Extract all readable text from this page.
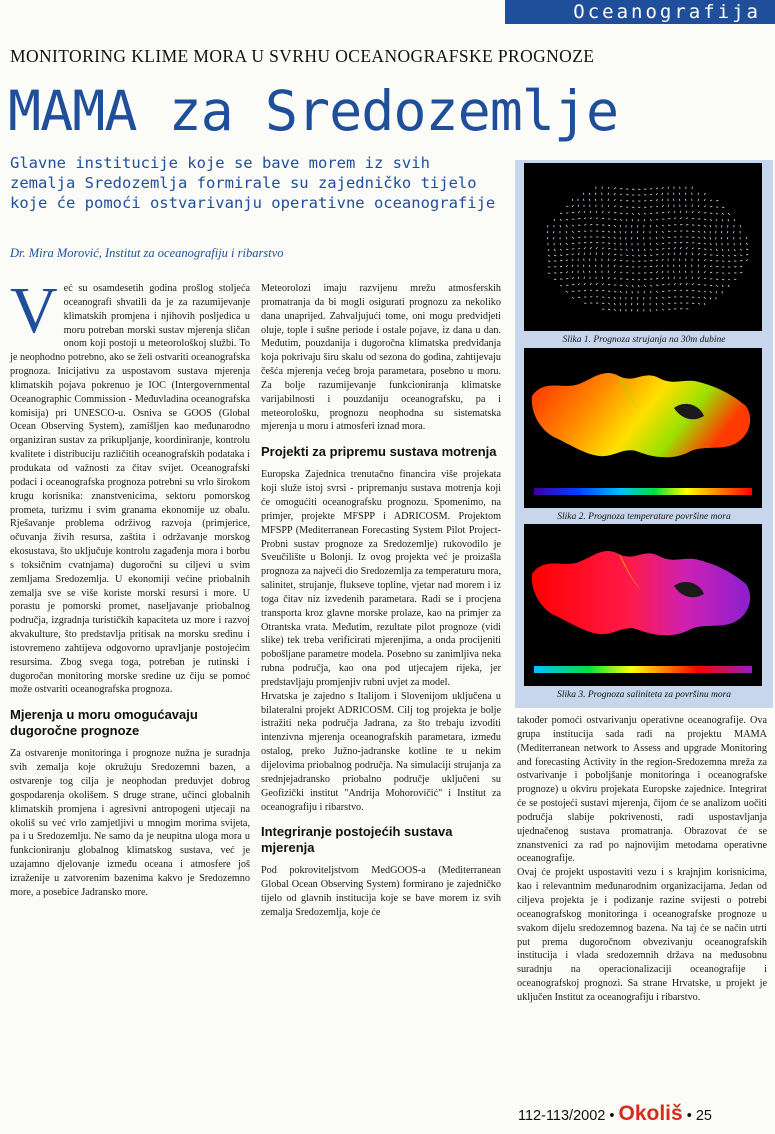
Oceanografija
MONITORING KLIME MORA U SVRHU OCEANOGRAFSKE PROGNOZE
MAMA za Sredozemlje
Glavne institucije koje se bave morem iz svih zemalja Sredozemlja formirale su zajedničko tijelo koje će pomoći ostvarivanju operativne oceanografije
Dr. Mira Morović, Institut za oceanografiju i ribarstvo
V eć su osamdesetih godina prošlog stoljeća oceanografi shvatili da je za razumijevanje klimatskih promjena i njihovih posljedica u moru potreban morski sustav mjerenja sličan onom koji postoji u meteorološkoj službi. To je neophodno potrebno, ako se želi ostvariti oceanografska prognoza. Inicijativu za uspostavom sustava mjerenja klimatskih pojava pokrenuo je IOC (Intergovernmental Oceanographic Commission - Međuvladina oceanografska komisija) pri UNESCO-u. Osniva se GOOS (Global Ocean Observing System), zamišljen kao međunarodno organiziran sustav za prikupljanje, koordiniranje, kontrolu kvalitete i distribuciju različitih oceanografskih podataka i produkata od važnosti za čitav svijet. Oceanografski podaci i oceanografska prognoza potrebni su vrlo širokom krugu korisnika: znanstvenicima, sektoru pomorskog prometa, turizmu i svim granama ekonomije uz obalu. Rješavanje problema održivog razvoja (primjerice, očuvanja živih resursa, zaštita i održavanje morskog ekosustava, što uključuje kontrolu zagađenja mora i borbu s toksičnim cvatnjama) dugoročni su ciljevi u svim zemljama Sredozemlja. U ekonomiji većine priobalnih zemalja sve se više koriste morski resursi i more. U porastu je pomorski promet, naseljavanje priobalnog područja, izgradnja turističkih kapaciteta uz more i razvoj akvakulture, što predstavlja pritisak na morsku sredinu i istovremeno zahtijeva odgovorno upravljanje postojećim resursima. Zbog svega toga, potreban je rutinski i dugoročan monitoring morske sredine uz čiju se pomoć može ostvariti oceanografska prognoza.

Mjerenja u moru omogućavaju dugoročne prognoze

Za ostvarenje monitoringa i prognoze nužna je suradnja svih zemalja koje okružuju Sredozemni bazen, a ostvarenje tog cilja je neophodan preduvjet dobrog gospodarenja okolišem. S druge strane, učinci globalnih klimatskih promjena i agresivni antropogeni utjecaji na okoliš su već vrlo zamjetljivi u mnogim morima svijeta, pa i u Sredozemlju. Ne samo da je neupitna uloga mora u funkcioniranju globalnog klimatskog sustava, već je uzajamno djelovanje između oceana i atmosfere još izraženije u zatvorenim bazenima kakvo je Sredozemno more, a posebice Jadransko more.

Meteorolozi imaju razvijenu mrežu atmosferskih promatranja da bi mogli osigurati prognozu za nekoliko dana unaprijed. Zahvaljujući tome, oni mogu predvidjeti oluje, tople i sušne periode i ostale pojave, iz dana u dan. Međutim, pouzdanija i dugoročna klimatska predviđanja koja pokrivaju širu skalu od sezona do godina, zahtijevaju češća mjerenja većeg broja parametara, posebno u moru. Za bolje razumijevanje funkcioniranja klimatske varijabilnosti i pouzdaniju oceanografsku, pa i meteorološku, prognozu neophodna su sistematska mjerenja u moru i atmosferi iznad mora.

Projekti za pripremu sustava motrenja

Europska Zajednica trenutačno financira više projekata koji služe istoj svrsi - pripremanju sustava motrenja koji će omogućiti oceanografsku prognozu. Spomenimo, na primjer, projekte MFSPP i ADRICOSM. Projektom MFSPP (Mediterranean Forecasting System Pilot Project-Probni sustav prognoze za Sredozemlje) rukovodilo je Sveučilište u Bolonji. Iz ovog projekta već je proizašla prognoza za najveći dio Sredozemlja za temperaturu mora, salinitet, strujanje, flukseve topline, vjetar nad morem i iz toga čitav niz izvedenih parametara. Radi se i procjena transporta kroz glavne morske prolaze, kao na primjer za Otrantska vrata. Međutim, rezultate pilot prognoze (vidi slike) tek treba verificirati mjerenjima, a onda procijeniti pobošljane parametre modela. Posebno su zanimljiva neka rubna područja, kao ona pod utjecajem rijeka, jer predstavljaju promjenjiv rubni uvjet za model.

Hrvatska je zajedno s Italijom i Slovenijom uključena u bilateralni projekt ADRICOSM. Cilj tog projekta je bolje istražiti neka područja Jadrana, za što trebaju izvoditi intenzivna mjerenja oceanografskih parametara, između ostalog, preko Južno-jadranske kotline te u nekim dijelovima priobalnog područja. Na simulaciji strujanja za srednjejadransko priobalno područje uključeni su Geofizički institut "Andrija Mohorovičić" i Institut za oceanografiju i ribarstvo.

Integriranje postojećih sustava mjerenja

Pod pokroviteljstvom MedGOOS-a (Mediterranean Global Ocean Observing System) formirano je zajedničko tijelo od glavnih institucija koje se bave morem iz svih zemalja Sredozemlja, koje će

također pomoći ostvarivanju operativne oceanografije. Ova grupa institucija sada radi na projektu MAMA (Mediterranean network to Assess and upgrade Monitoring and forecasting Activity in the region-Sredozemna mreža za ostvarivanje i poboljšanje monitoringa i oceanografske prognoze) u okviru projekata Europske zajednice. Integrirat će se postojeći sustavi mjerenja, čijom će se analizom uočiti područja slabije pokrivenosti, radi uspostavljanja ujednačenog sustava promatranja. Obrazovat će se znanstvenici za rad po najnovijim metodama operativne oceanografije.

Ovaj će projekt uspostaviti vezu i s krajnjim korisnicima, kao i relevantnim međunarodnim organizacijama. Jedan od ciljeva projekta je i podizanje razine svijesti o potrebi oceanografskog monitoringa i oceanografske prognoze u svakom dijelu sredozemnog bazena. Na taj će se način utrti put prema dugoročnom obvezivanju oceanografskih institucija i vlada sredozemnih država na međusobnu suradnju na operacionalizaciji oceanografije i oceanografskoj prognozi. Sa strane Hrvatske, u projekt je uključen Institut za oceanografiju i ribarstvo.

Slika 1. Prognoza strujanja na 30m dubine
Slika 2. Prognoza temperature površine mora
Slika 3. Prognoza saliniteta za površinu mora
112-113/2002 • Okoliš • 25
